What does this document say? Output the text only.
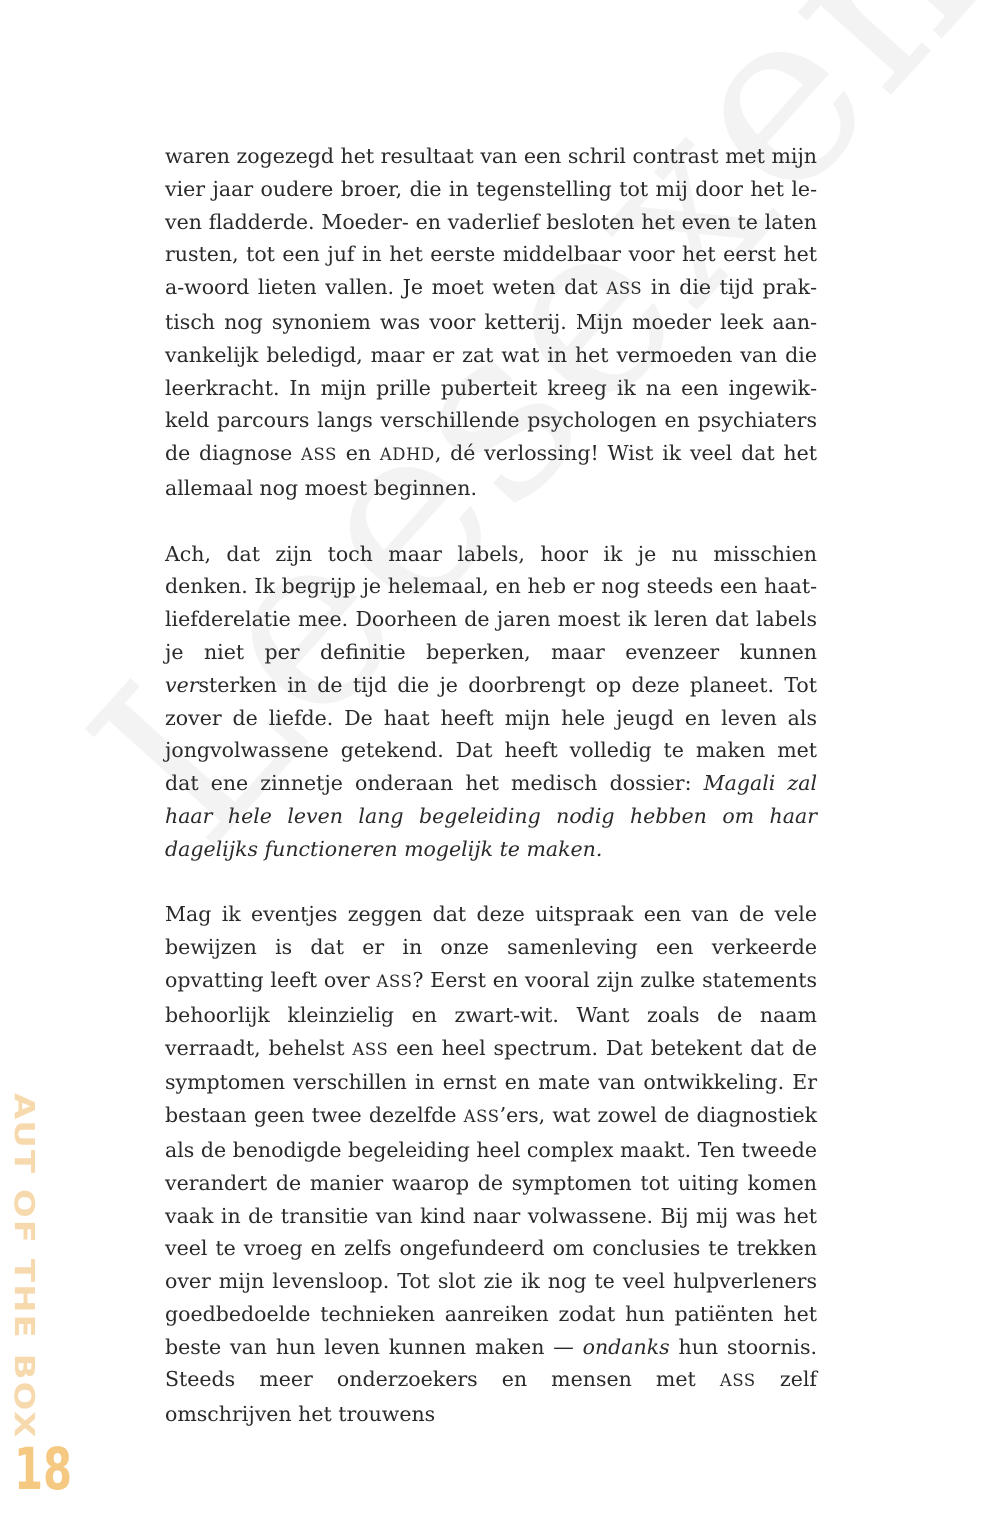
waren zogezegd het resultaat van een schril contrast met mijn vier jaar oudere broer, die in tegenstelling tot mij door het leven fladderde. Moeder- en vaderlief besloten het even te laten rusten, tot een juf in het eerste middelbaar voor het eerst het a-woord lieten vallen. Je moet weten dat ASS in die tijd praktisch nog synoniem was voor ketterij. Mijn moeder leek aanvankelijk beledigd, maar er zat wat in het vermoeden van die leerkracht. In mijn prille puberteit kreeg ik na een ingewikkeld parcours langs verschillende psychologen en psychiaters de diagnose ASS en ADHD, dé verlossing! Wist ik veel dat het allemaal nog moest beginnen.

Ach, dat zijn toch maar labels, hoor ik je nu misschien denken. Ik begrijp je helemaal, en heb er nog steeds een haat-liefderelatie mee. Doorheen de jaren moest ik leren dat labels je niet per definitie beperken, maar evenzeer kunnen versterken in de tijd die je doorbrengt op deze planeet. Tot zover de liefde. De haat heeft mijn hele jeugd en leven als jongvolwassene getekend. Dat heeft volledig te maken met dat ene zinnetje onderaan het medisch dossier: Magali zal haar hele leven lang begeleiding nodig hebben om haar dagelijks functioneren mogelijk te maken.

Mag ik eventjes zeggen dat deze uitspraak een van de vele bewijzen is dat er in onze samenleving een verkeerde opvatting leeft over ASS? Eerst en vooral zijn zulke statements behoorlijk kleinzielig en zwart-wit. Want zoals de naam verraadt, behelst ASS een heel spectrum. Dat betekent dat de symptomen verschillen in ernst en mate van ontwikkeling. Er bestaan geen twee dezelfde ASS’ers, wat zowel de diagnostiek als de benodigde begeleiding heel complex maakt. Ten tweede verandert de manier waarop de symptomen tot uiting komen vaak in de transitie van kind naar volwassene. Bij mij was het veel te vroeg en zelfs ongefundeerd om conclusies te trekken over mijn levensloop. Tot slot zie ik nog te veel hulpverleners goedbedoelde technieken aanreiken zodat hun patiënten het beste van hun leven kunnen maken — ondanks hun stoornis. Steeds meer onderzoekers en mensen met ASS zelf omschrijven het trouwens

AUT OF THE BOX
18
